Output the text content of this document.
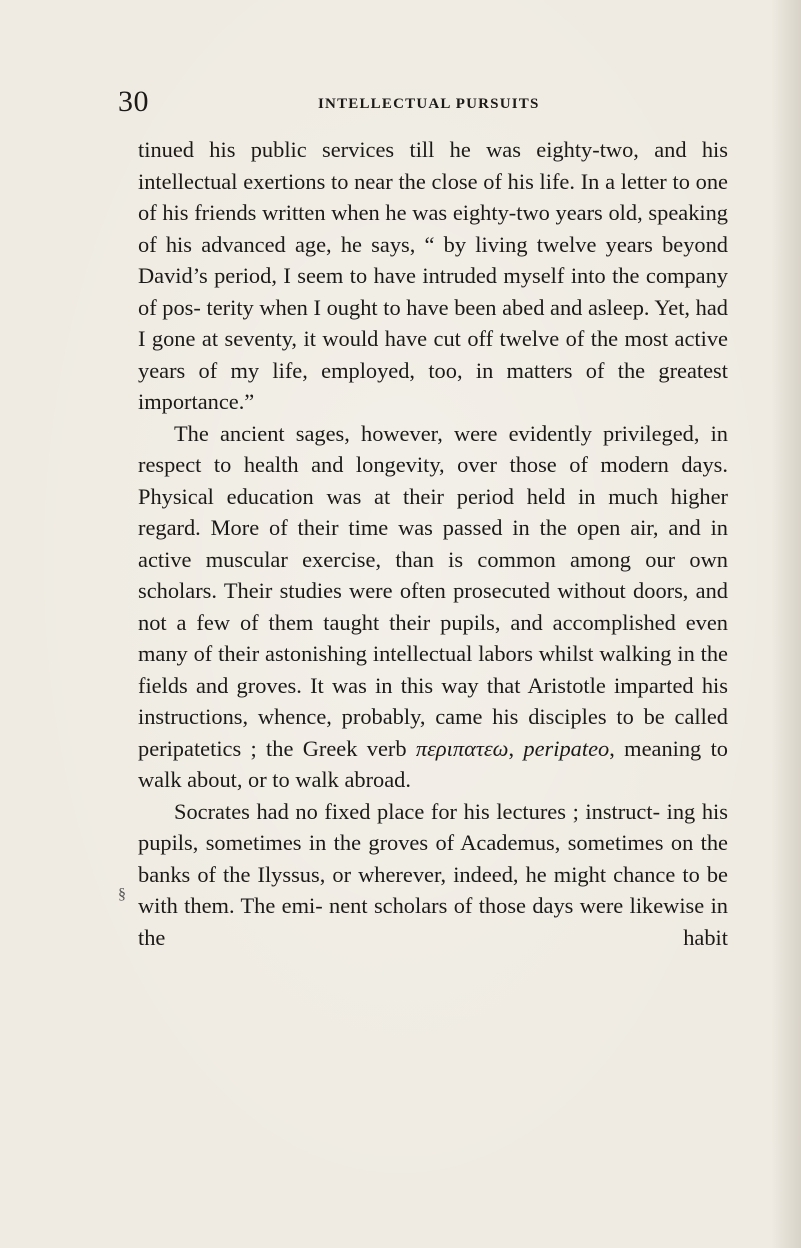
30	INTELLECTUAL PURSUITS
§

tinued his public services till he was eighty-two, and his intellectual exertions to near the close of his life. In a letter to one of his friends written when he was eighty-two years old, speaking of his advanced age, he says, “ by living twelve years beyond David’s period, I seem to have intruded myself into the company of pos- terity when I ought to have been abed and asleep. Yet, had I gone at seventy, it would have cut off twelve of the most active years of my life, employed, too, in matters of the greatest importance.”

The ancient sages, however, were evidently privileged, in respect to health and longevity, over those of modern days. Physical education was at their period held in much higher regard. More of their time was passed in the open air, and in active muscular exercise, than is common among our own scholars. Their studies were often prosecuted without doors, and not a few of them taught their pupils, and accomplished even many of their astonishing intellectual labors whilst walking in the fields and groves. It was in this way that Aristotle imparted his instructions, whence, probably, came his disciples to be called peripatetics ; the Greek verb περιπατεω, peripateo, meaning to walk about, or to walk abroad.

Socrates had no fixed place for his lectures ; instruct- ing his pupils, sometimes in the groves of Academus, sometimes on the banks of the Ilyssus, or wherever, indeed, he might chance to be with them. The emi- nent scholars of those days were likewise in the habit
